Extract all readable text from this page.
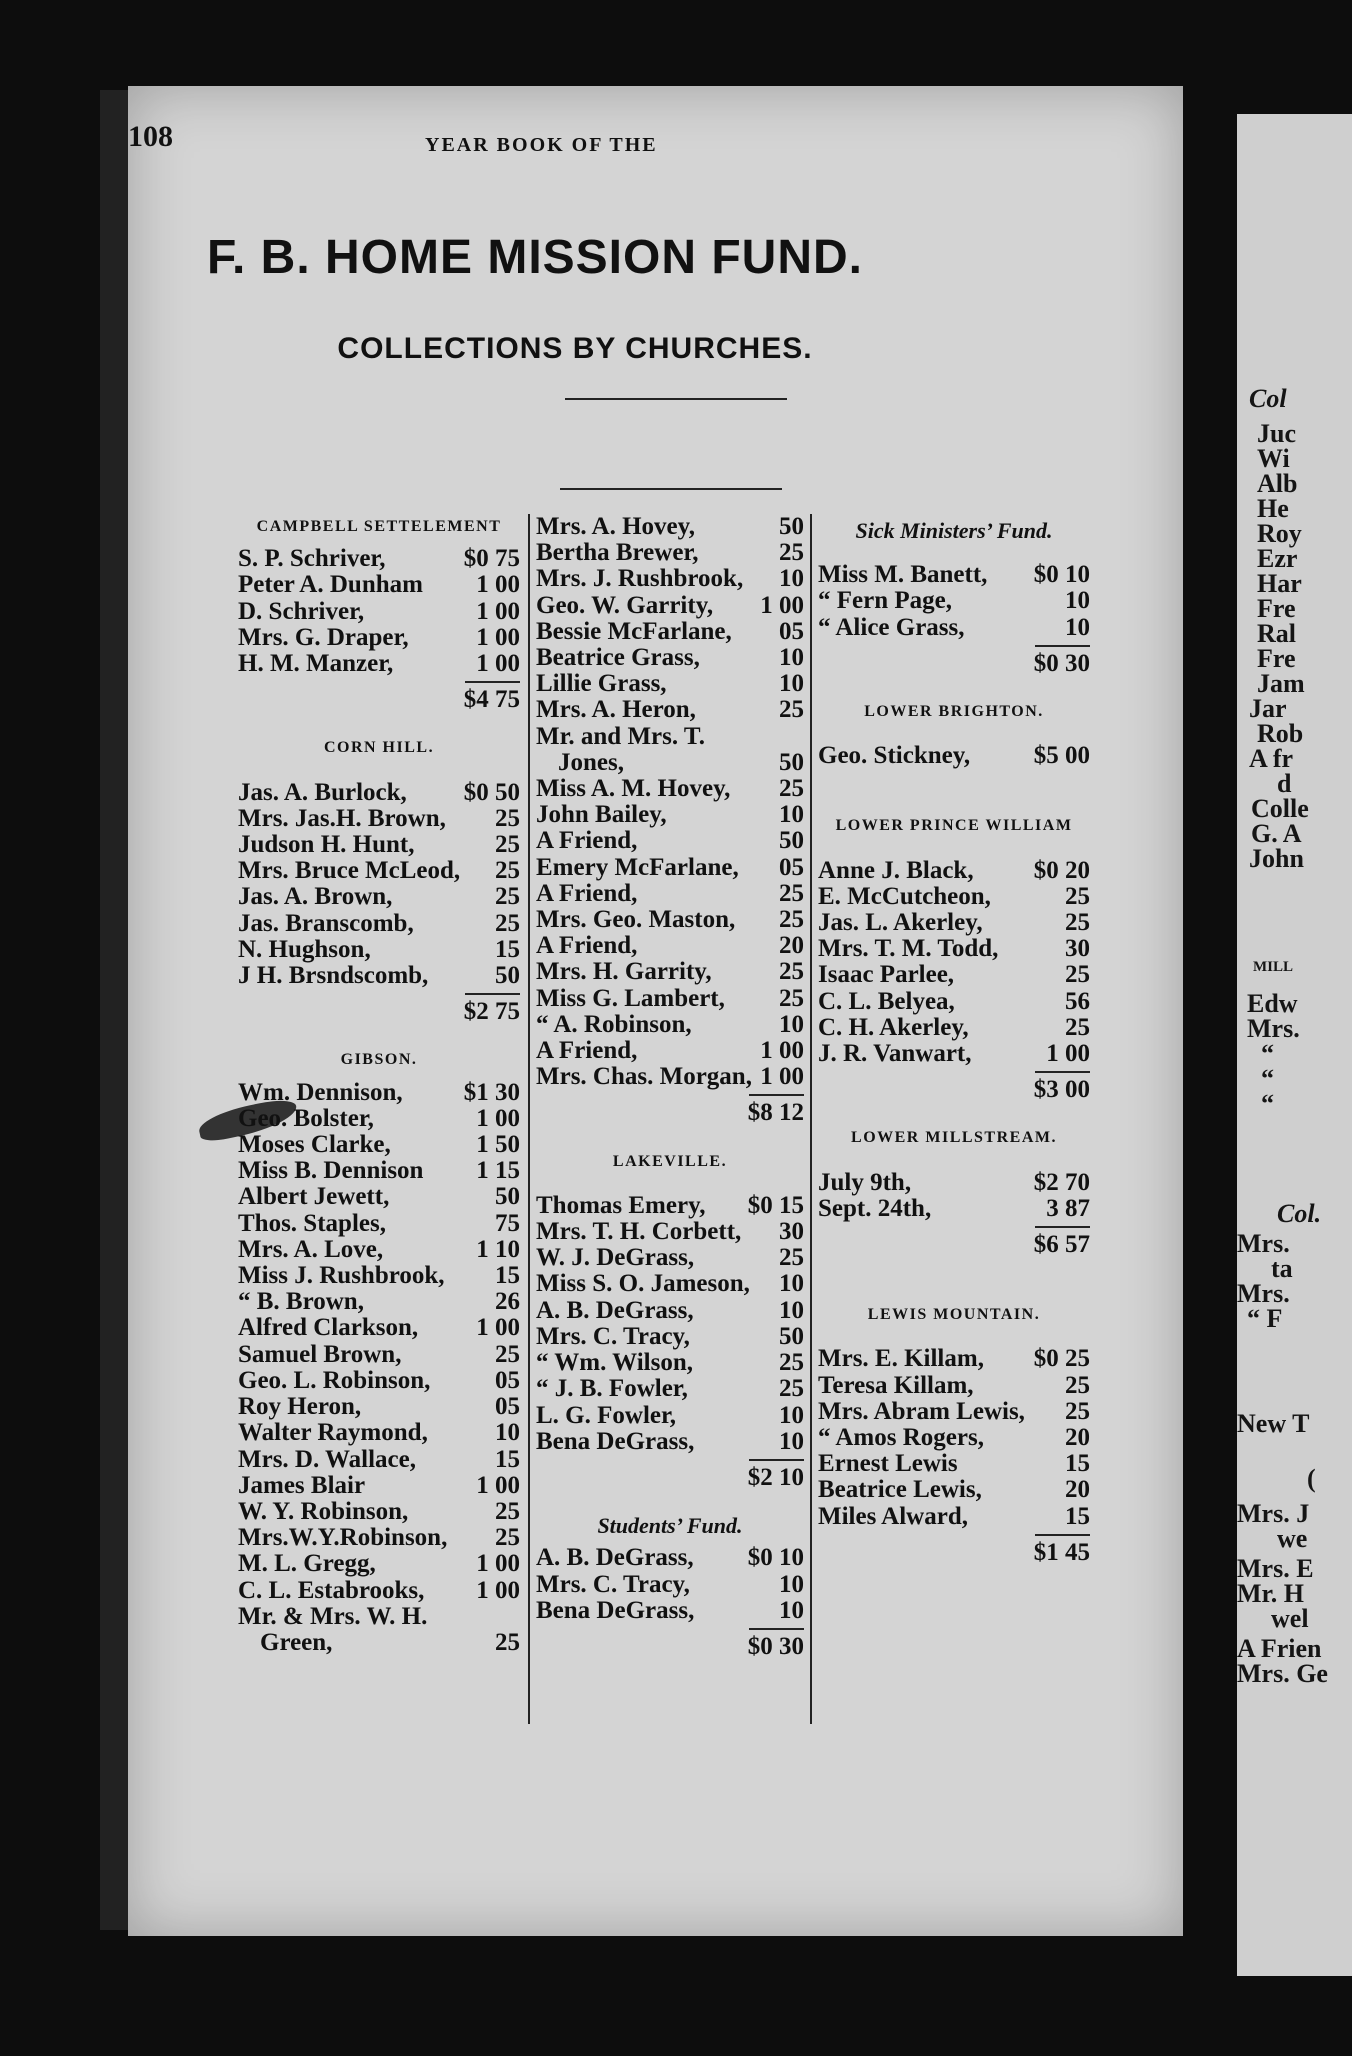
108	YEAR BOOK OF THE
F. B. HOME MISSION FUND.
COLLECTIONS BY CHURCHES.
CAMPBELL SETTELEMENT
S. P. Schriver,	$0 75
Peter A. Dunham 1 00
D. Schriver,	1 00
Mrs. G. Draper,	1 00
H. M. Manzer,	1 00
$4 75
CORN HILL.
Jas. A. Burlock, $0 50
Mrs. Jas.H. Brown, 25
Judson H. Hunt,	25
Mrs. Bruce McLeod, 25
Jas. A. Brown,	25
Jas. Branscomb,	25
N. Hughson,	15
J H. Brsndscomb,	50
$2 75
GIBSON.
Wm. Dennison, $1 30
Geo. Bolster,	1 00
Moses Clarke,	1 50
Miss B. Dennison 1 15
Albert Jewett,	50
Thos. Staples,	75
Mrs. A. Love,	1 10
Miss J. Rushbrook, 15
“ B. Brown,	26
Alfred Clarkson, 1 00
Samuel Brown,	25
Geo. L. Robinson,	05
Roy Heron,	05
Walter Raymond,	10
Mrs. D. Wallace,	15
James Blair	1 00
W. Y. Robinson,	25
Mrs.W.Y.Robinson, 25
M. L. Gregg,	1 00
C. L. Estabrooks, 1 00
Mr. & Mrs. W. H.
Green,	25
Mrs. A. Hovey,	50
Bertha Brewer,	25
Mrs. J. Rushbrook, 10
Geo. W. Garrity, 1 00
Bessie McFarlane, 05
Beatrice Grass,	10
Lillie Grass,	10
Mrs. A. Heron,	25
Mr. and Mrs. T.
Jones,	50
Miss A. M. Hovey, 25
John Bailey,	10
A Friend,	50
Emery McFarlane, 05
A Friend,	25
Mrs. Geo. Maston, 25
A Friend,	20
Mrs. H. Garrity,	25
Miss G. Lambert, 25
“ A. Robinson,	10
A Friend,	1 00
Mrs. Chas. Morgan, 1 00
$8 12
LAKEVILLE.
Thomas Emery, $0 15
Mrs. T. H. Corbett, 30
W. J. DeGrass,	25
Miss S. O. Jameson, 10
A. B. DeGrass,	10
Mrs. C. Tracy,	50
“ Wm. Wilson,	25
“ J. B. Fowler,	25
L. G. Fowler,	10
Bena DeGrass,	10
$2 10
Students’ Fund.
A. B. DeGrass, $0 10
Mrs. C. Tracy,	10
Bena DeGrass,	10
$0 30
Sick Ministers’ Fund.
Miss M. Banett, $0 10
“ Fern Page,	10
“ Alice Grass,	10
$0 30
LOWER BRIGHTON.
Geo. Stickney,	$5 00
LOWER PRINCE WILLIAM
Anne J. Black, $0 20
E. McCutcheon,	25
Jas. L. Akerley,	25
Mrs. T. M. Todd,	30
Isaac Parlee,	25
C. L. Belyea,	56
C. H. Akerley,	25
J. R. Vanwart,	1 00
$3 00
LOWER MILLSTREAM.
July 9th,	$2 70
Sept. 24th,	3 87
$6 57
LEWIS MOUNTAIN.
Mrs. E. Killam, $0 25
Teresa Killam,	25
Mrs. Abram Lewis, 25
“ Amos Rogers,	20
Ernest Lewis	15
Beatrice Lewis,	20
Miles Alward,	15
$1 45
Col
Juc
Wi
Alb
He
Roy
Ezr
Har
Fre
Ral
Fre
Jam
Jar
Rob
A fr
d
Colle
G. A
John
MILL
Edw
Mrs.
“
“
“
Col.
Mrs.
ta
Mrs.
“ F
New T
(
Mrs. J
we
Mrs. E
Mr. H
wel
A Frien
Mrs. Ge
